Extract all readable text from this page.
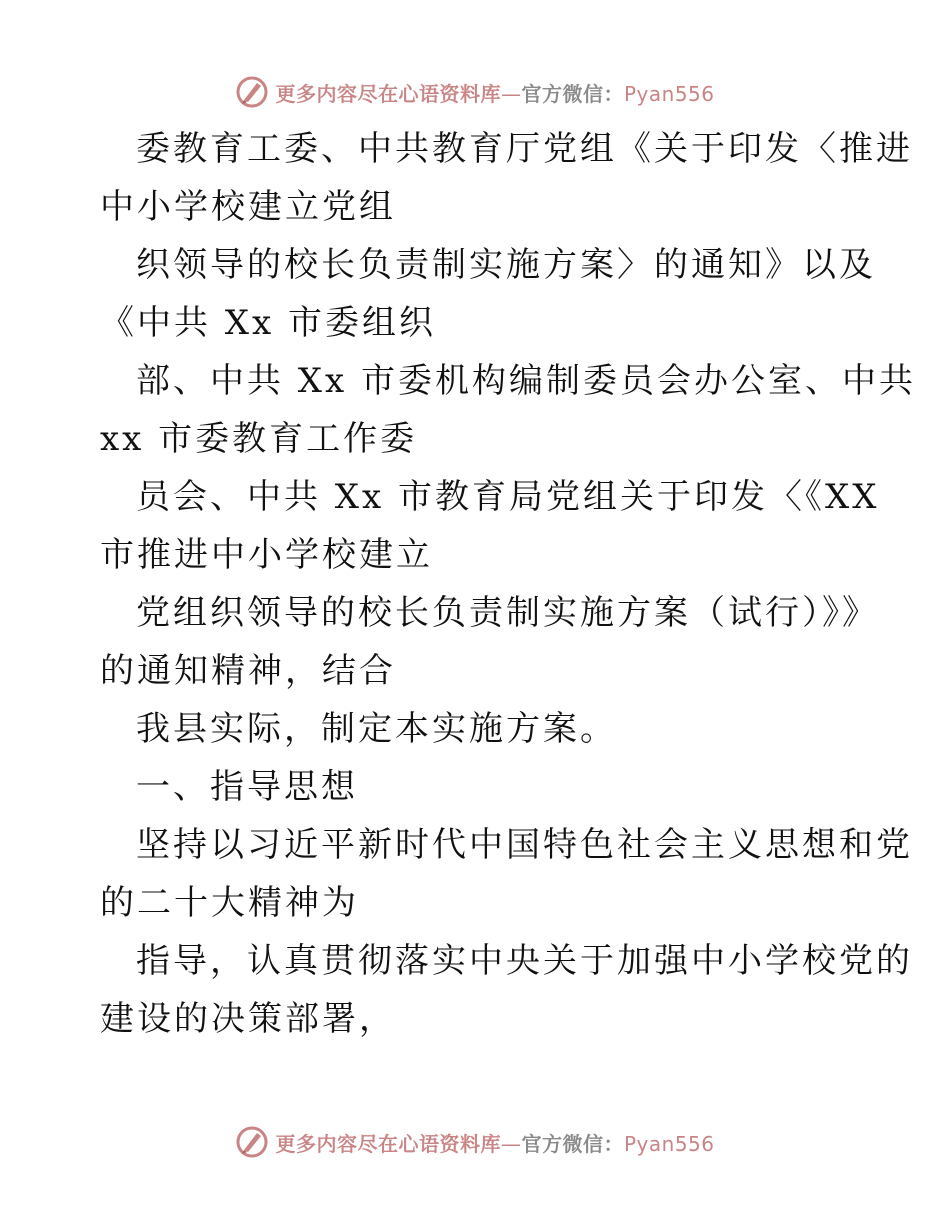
更多内容尽在心语资料库—官方微信：Pyan556
委教育工委、中共教育厅党组《关于印发〈推进
中小学校建立党组
织领导的校长负责制实施方案〉的通知》以及
《中共 Xx 市委组织
部、中共 Xx 市委机构编制委员会办公室、中共
xx 市委教育工作委
员会、中共 Xx 市教育局党组关于印发〈《XX
市推进中小学校建立
党组织领导的校长负责制实施方案（试行）》》
的通知精神，结合
我县实际，制定本实施方案。
一、指导思想
坚持以习近平新时代中国特色社会主义思想和党
的二十大精神为
指导，认真贯彻落实中央关于加强中小学校党的
建设的决策部署，
更多内容尽在心语资料库—官方微信：Pyan556
